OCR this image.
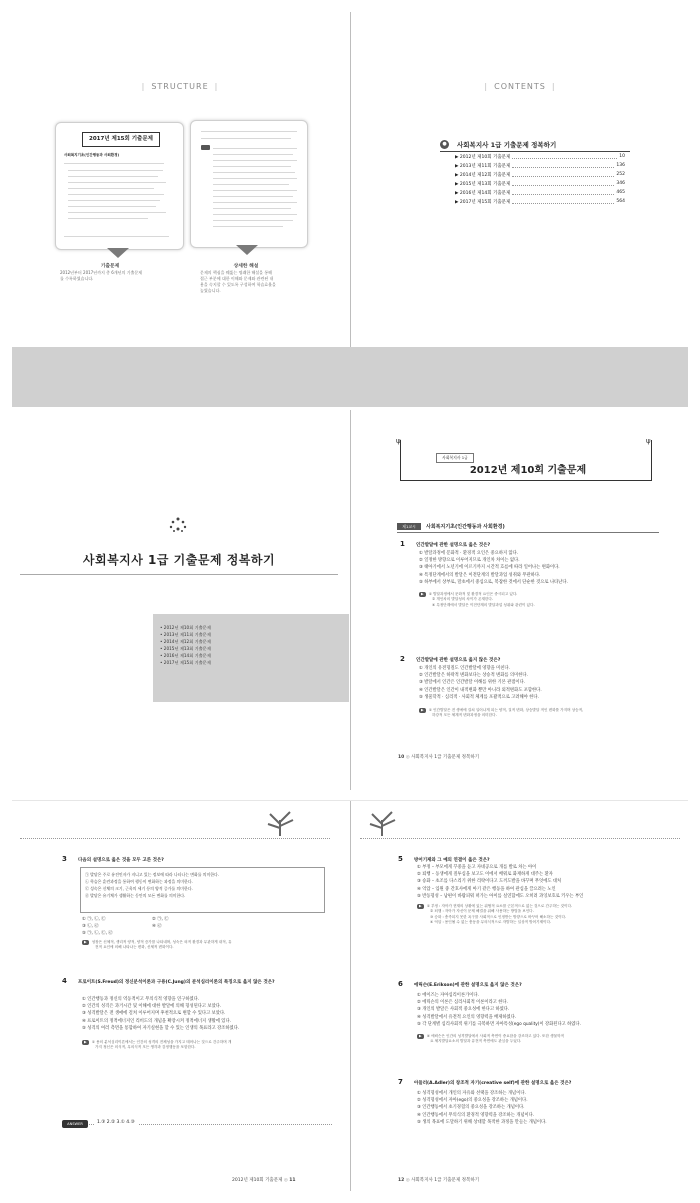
| STRUCTURE |	| CONTENTS |
2017년 제15회 기출문제
사회복지기초(인간행동과 사회환경)
기출문제
2012년부터 2017년까지 총 6개년의 기출문제
를 수록하였습니다.
상세한 해설
문제의 핵심을 꿰뚫는 명쾌한 해설을 통해
접근 부분에 대한 이해와 문제와 관련된 내
용을 숙지할 수 있도록 구성하여 학습효율을
높였습니다.
●	사회복지사 1급 기출문제 정복하기
▶ 2012년 제10회 기출문제	10
▶ 2013년 제11회 기출문제	136
▶ 2014년 제12회 기출문제	252
▶ 2015년 제13회 기출문제	346
▶ 2016년 제14회 기출문제	465
▶ 2017년 제15회 기출문제	564
사회복지사 1급 기출문제 정복하기
• 2012년 제10회 기출문제
• 2013년 제11회 기출문제
• 2014년 제12회 기출문제
• 2015년 제13회 기출문제
• 2016년 제14회 기출문제
• 2017년 제15회 기출문제
ψ	ψ
사회복지사 1급
2012년 제10회 기출문제
제1교시	사회복지기초(인간행동과 사회환경)
1 인간발달에 관한 설명으로 옳은 것은?
① 발달과정에 문화적 · 환경적 요인은 중요하지 않다.
② 일정한 방향으로 이루어지므로 개인차 차이는 없다.
③ 태아기에서 노년기에 이르기까지 시간적 흐름에 따라 일어나는 변화이다.
④ 특정단계에서의 발달은 이전단계의 발달과업 성취와 무관하다.
⑤ 하부에서 상부로, 말초에서 중심으로, 복잡한 것에서 단순한 것으로 나타난다.
▶ ① 발달과정에서 문화적 및 환경적 요인은 중시되고 있다.
② 개인차의 발달성의 차이가 존재한다.
④ 특정단계에서 발달은 이전단계의 발달과업 성취와 관련이 있다.
2 인간발달에 관한 설명으로 옳지 않은 것은?
① 개인의 유전형질도 인간발달에 영향을 미친다.
② 인간발달은 하락적 변화보다는 상승적 변화를 의미한다.
③ 발달에서 인간은 인간발달 이해를 위한 기본 관점이다.
④ 인간발달은 인간이 내적변화 뿐만 아니라 외적변화도 포함한다.
⑤ 생물학적 · 심리적 · 사회적 체계를 포괄적으로 고려해야 한다.
▶ ① 인간발달은 전 생애에 걸쳐 일어나게 되는 양적, 질적 변화, 상승발달 적인 변화를 가지며 상승적,
하강적 모든 체계적 변화과정을 의미한다.
10 ◎ 사회복지사 1급 기출문제 정복하기
3 다음의 설명으로 옳은 것을 모두 고른 것은?
㉠ 발달은 주로 유전인자가 지니고 있는 정보에 따라 나타나는 변화를 의미한다.
㉡ 학습은 훈련과정을 통하여 행동이 변화하는 과정을 의미한다.
㉢ 성숙은 신체의 크기, 근육의 세기 등의 양적 증가를 의미한다.
㉣ 발달은 유기체가 생활하는 동안의 모든 변화를 의미한다.
① ㉠, ㉡, ㉢	② ㉠, ㉢
③ ㉡, ㉣	④ ㉣
⑤ ㉠, ㉡, ㉢, ㉣
▶ 성장은 신체적, 생리적 양적, 양적 증가를 나타내며, 성숙은 외적 환경과 무관하게 내적, 유
전적 요인에 의해 나타나는 변화, 신체적 변화이다.
4 프로이트(S.Freud)의 정신분석이론과 구용(C.Jung)의 분석심리이론의 특징으로 옳지 않은 것은?
① 인간행동과 정신의 역동적이고 무의식적 영향을 연구하였다.
② 인간의 성격은 과거시간 및 이해에 대한 발달에 의해 형성된다고 보았다.
③ 성격발달은 전 생애에 걸쳐 이루어지며 후천적으로 변할 수 있다고 보았다.
④ 프로이트의 정적에너지인 리비도의 개념을 확장시켜 정적에너지 생활에 있다.
⑤ 성격의 여러 측면을 통합하여 자기실현을 할 수 있는 인생의 목표라고 강조하였다.
▶ ① 용의 분석심리이론에서는 인간의 성격의 전체성을 가지고 태어나는 것으로 간주하며 개
가지 정신은 의식적, 무의식적 모든 생각과 감정행동을 포함한다.
ANSWER	1.③ 2.② 3.① 4.③
2012년 제10회 기출문제 ◎ 11
5 방어기제와 그 예의 연결이 옳은 것은?
① 부정 – 부모에게 꾸중을 듣고 자네공으로 개를 발로 차는 아이
② 퇴행 – 동생에게 질투심을 보고도 이에서 배워로 화재하게 대주는 환자
③ 승화 – 초조를 다스리기 위한 리락이다고 도끼도발을 바꾸며 무엇에도 대처
④ 억압 – 입원 중 간호사에게 아기 같은 행동을 하여 관심을 끌으려는 노인
⑤ 반동형성 – 남편이 바람피워 떠가는 아이를 실연함에도 오히려 과잉보호로 키우는 부인
▶ ① 부정 : 자아가 현재의 상황에 있는 위협적 요소를 근본적으로 없는 것으로 간주하는 것이다.
② 퇴행 : 자아가 자신이 문제 해결을 위해 사용하는 방법을 보인다.
③ 승화 : 충족되지 못한 욕구를 사회적으로 인정받는 방향으로 바꾸어 해소하는 것이다.
④ 억압 : 용인될 수 없는 충동을 무의식적으로 자발하는 일상적 방어기제이다.
6 에릭슨(E.Erikson)에 관한 설명으로 옳지 않은 것은?
① 에이즈는 자아심리이론가이다.
② 에릭슨의 이론은 심리사회적 이론이라고 한다.
③ 개인의 발달은 사회적 중요성에 한다고 하였다.
④ 성격발달에서 유전적 요인의 영향력을 배제하였다.
⑤ 각 단계별 심리사회적 위기를 극복하면 자아특성(ego quality)이 강화된다고 하였다.
▶ ④ 에릭슨은 인간의 성격발달에서 사회적 측면이 중요함을 강조하고 있다. 또한 생물학적
요 체지발달요소의 발달과 유전적 측면에도 관심을 두었다.
7 아들러(A.Adler)의 창조적 자기(creative self)에 관한 설명으로 옳은 것은?
① 성격형성에서 개인의 자유와 선택을 강조하는 개념이다.
② 성격형성에서 자아(ego)의 중요성을 강조하는 개념이다.
③ 인간행동에서 초기경험의 중요성을 강조하는 개념이다.
④ 인간행동에서 무의식의 환경적 영향력을 강조하는 개념이다.
⑤ 생의 목표에 도달하기 위해 상대할 목적한 과정을 만들는 개념이다.
12 ◎ 사회복지사 1급 기출문제 정복하기
